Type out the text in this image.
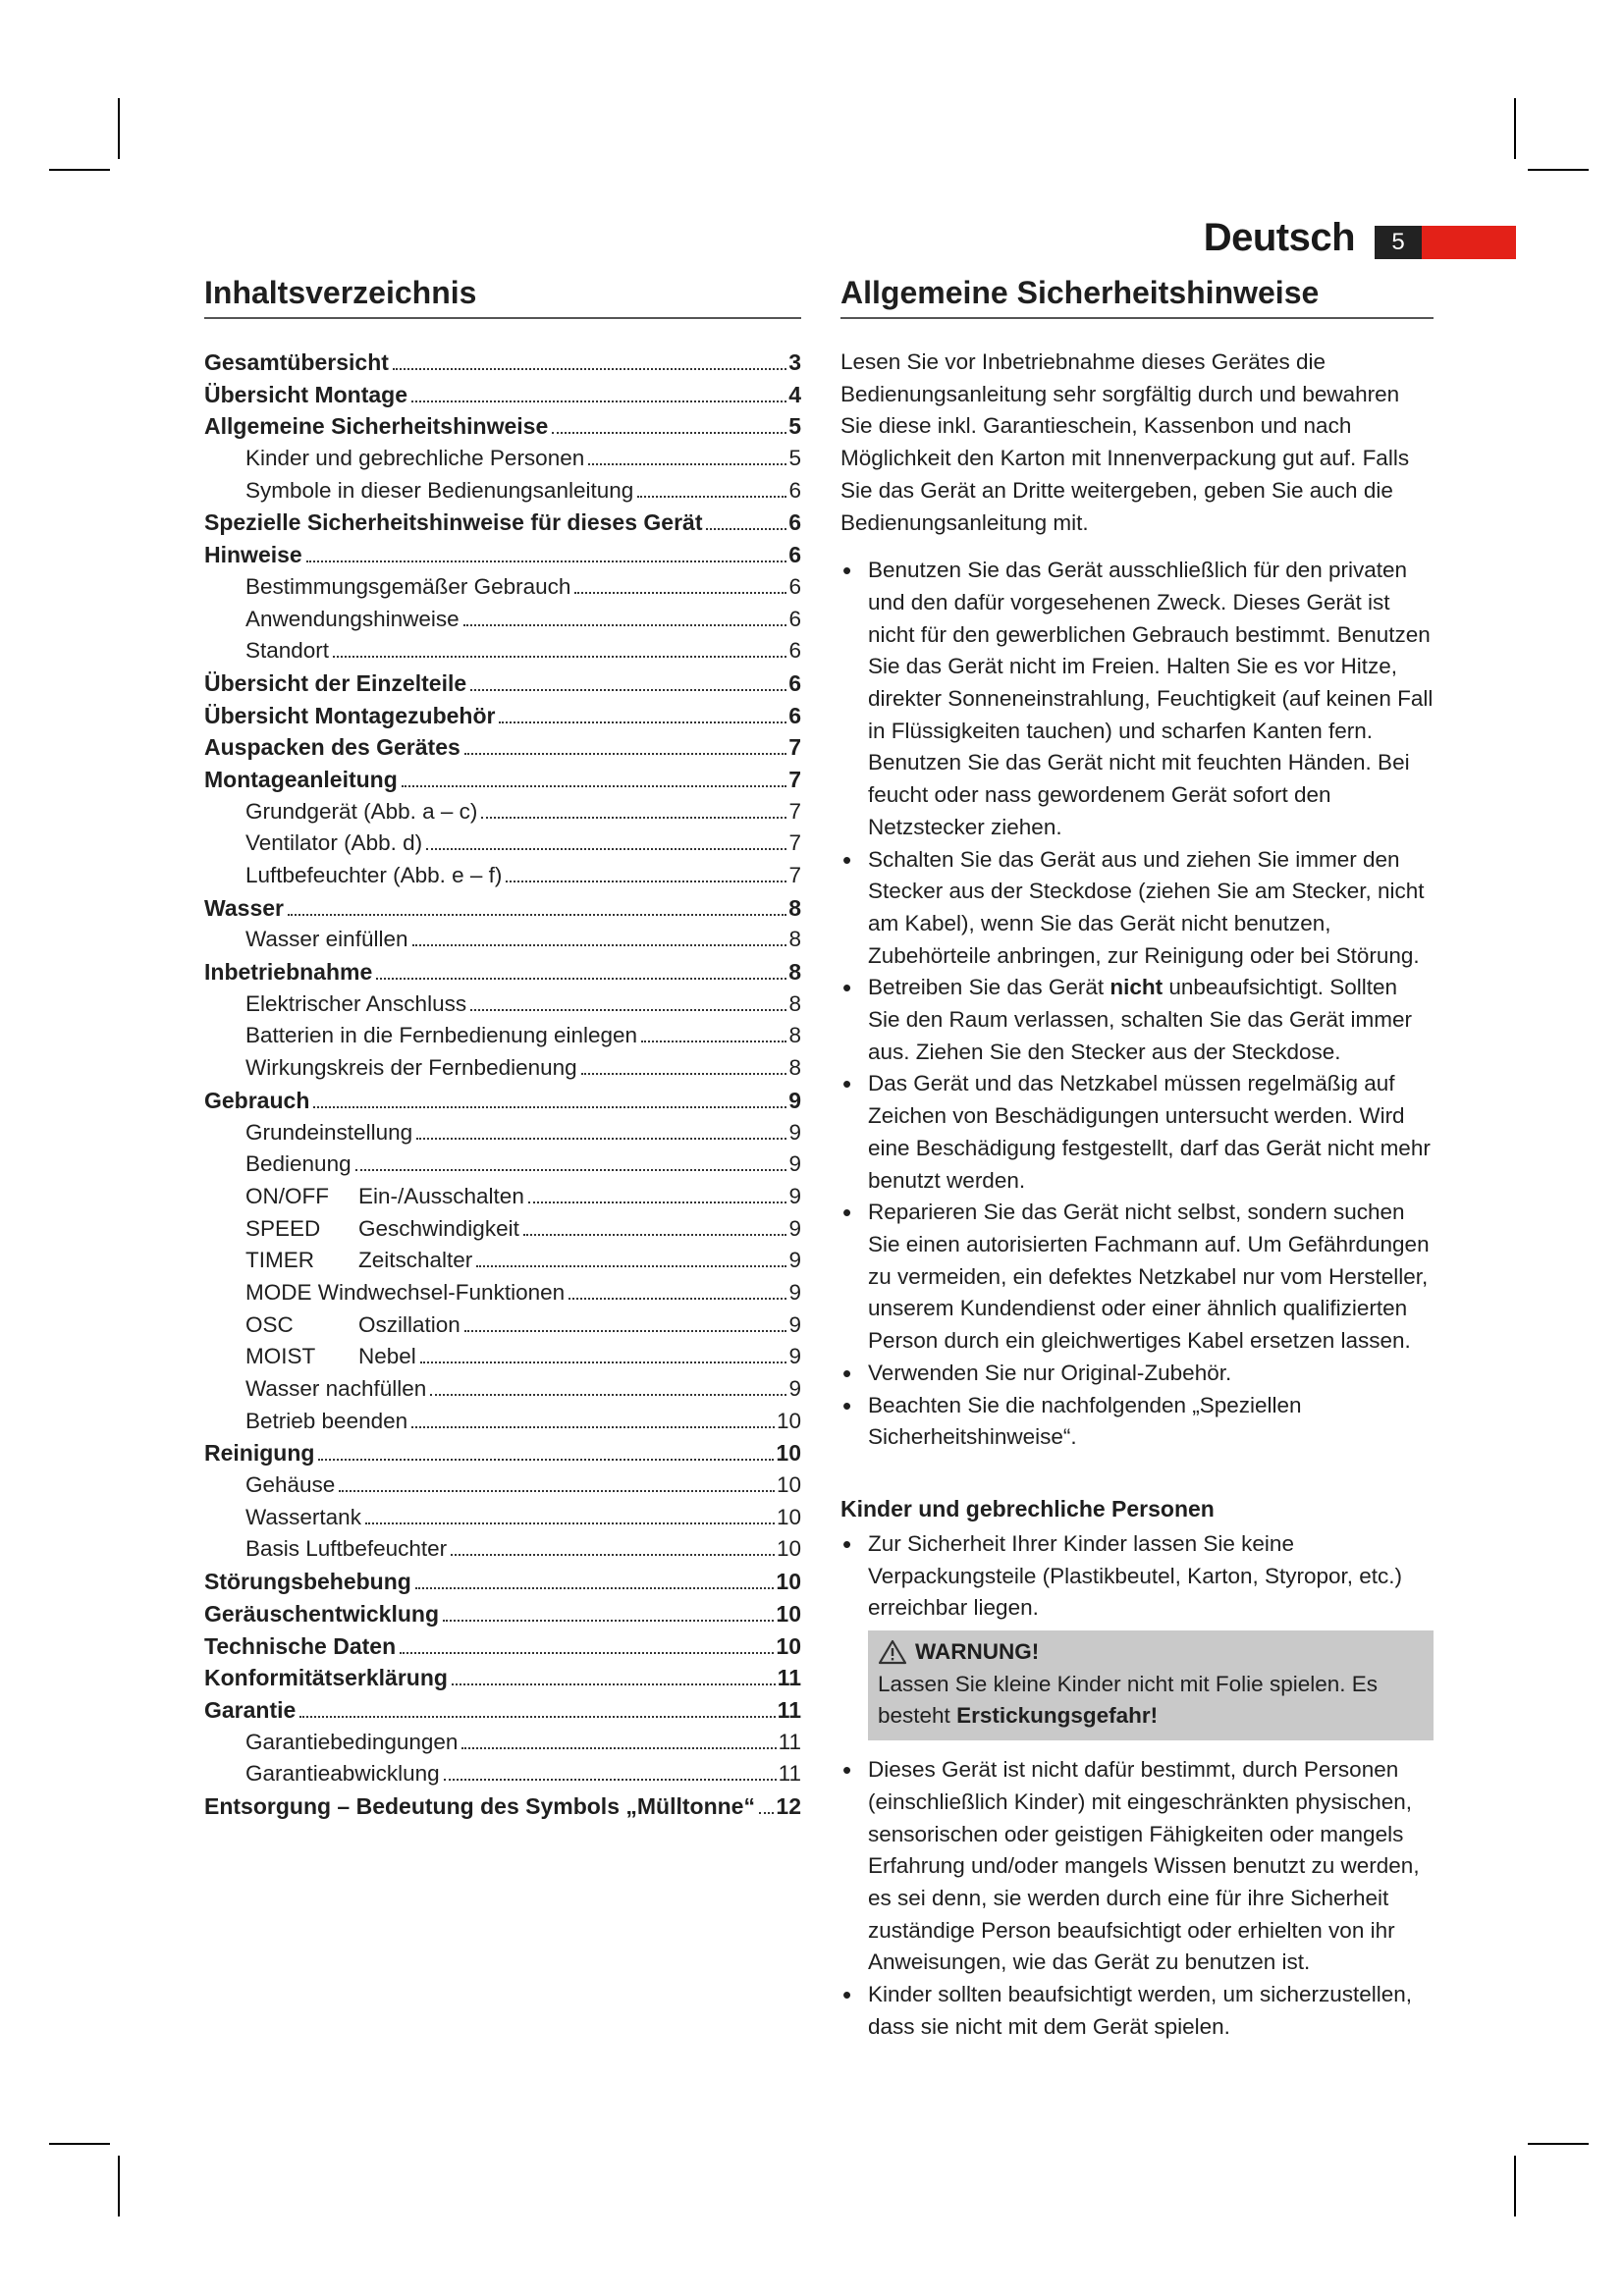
Deutsch	5
Inhaltsverzeichnis
Gesamtübersicht	3
Übersicht Montage	4
Allgemeine Sicherheitshinweise	5
Kinder und gebrechliche Personen	5
Symbole in dieser Bedienungsanleitung	6
Spezielle Sicherheitshinweise für dieses Gerät	6
Hinweise	6
Bestimmungsgemäßer Gebrauch	6
Anwendungshinweise	6
Standort	6
Übersicht der Einzelteile	6
Übersicht Montagezubehör	6
Auspacken des Gerätes	7
Montageanleitung	7
Grundgerät (Abb. a – c)	7
Ventilator (Abb. d)	7
Luftbefeuchter (Abb. e – f)	7
Wasser	8
Wasser einfüllen	8
Inbetriebnahme	8
Elektrischer Anschluss	8
Batterien in die Fernbedienung einlegen	8
Wirkungskreis der Fernbedienung	8
Gebrauch	9
Grundeinstellung	9
Bedienung	9
ON/OFF Ein-/Ausschalten	9
SPEED Geschwindigkeit	9
TIMER Zeitschalter	9
MODE Windwechsel-Funktionen	9
OSC	Oszillation	9
MOIST Nebel	9
Wasser nachfüllen	9
Betrieb beenden	10
Reinigung	10
Gehäuse	10
Wassertank	10
Basis Luftbefeuchter	10
Störungsbehebung	10
Geräuschentwicklung	10
Technische Daten	10
Konformitätserklärung	11
Garantie	11
Garantiebedingungen	11
Garantieabwicklung	11
Entsorgung – Bedeutung des Symbols „Mülltonne“ 12
Allgemeine Sicherheitshinweise

Lesen Sie vor Inbetriebnahme dieses Gerätes die Bedienungsanleitung sehr sorgfältig durch und bewahren Sie diese inkl. Garantieschein, Kassenbon und nach Möglichkeit den Karton mit Innenverpackung gut auf. Falls Sie das Gerät an Dritte weitergeben, geben Sie auch die Bedienungsanleitung mit.

• Benutzen Sie das Gerät ausschließlich für den privaten und den dafür vorgesehenen Zweck. Dieses Gerät ist nicht für den gewerblichen Gebrauch bestimmt. Benutzen Sie das Gerät nicht im Freien. Halten Sie es vor Hitze, direkter Sonneneinstrahlung, Feuchtigkeit (auf keinen Fall in Flüssigkeiten tauchen) und scharfen Kanten fern. Benutzen Sie das Gerät nicht mit feuchten Händen. Bei feucht oder nass gewordenem Gerät sofort den Netzstecker ziehen.
• Schalten Sie das Gerät aus und ziehen Sie immer den Stecker aus der Steckdose (ziehen Sie am Stecker, nicht am Kabel), wenn Sie das Gerät nicht benutzen, Zubehörteile anbringen, zur Reinigung oder bei Störung.
• Betreiben Sie das Gerät nicht unbeaufsichtigt. Sollten Sie den Raum verlassen, schalten Sie das Gerät immer aus. Ziehen Sie den Stecker aus der Steckdose.
• Das Gerät und das Netzkabel müssen regelmäßig auf Zeichen von Beschädigungen untersucht werden. Wird eine Beschädigung festgestellt, darf das Gerät nicht mehr benutzt werden.
• Reparieren Sie das Gerät nicht selbst, sondern suchen Sie einen autorisierten Fachmann auf. Um Gefährdungen zu vermeiden, ein defektes Netzkabel nur vom Hersteller, unserem Kundendienst oder einer ähnlich qualifizierten Person durch ein gleichwertiges Kabel ersetzen lassen.
• Verwenden Sie nur Original-Zubehör.
• Beachten Sie die nachfolgenden „Speziellen Sicherheitshinweise“.
Kinder und gebrechliche Personen
• Zur Sicherheit Ihrer Kinder lassen Sie keine Verpackungsteile (Plastikbeutel, Karton, Styropor, etc.) erreichbar liegen.
WARNUNG!
Lassen Sie kleine Kinder nicht mit Folie spielen. Es besteht Erstickungsgefahr!
• Dieses Gerät ist nicht dafür bestimmt, durch Personen (einschließlich Kinder) mit eingeschränkten physischen, sensorischen oder geistigen Fähigkeiten oder mangels Erfahrung und/oder mangels Wissen benutzt zu werden, es sei denn, sie werden durch eine für ihre Sicherheit zuständige Person beaufsichtigt oder erhielten von ihr Anweisungen, wie das Gerät zu benutzen ist.
• Kinder sollten beaufsichtigt werden, um sicherzustellen, dass sie nicht mit dem Gerät spielen.
